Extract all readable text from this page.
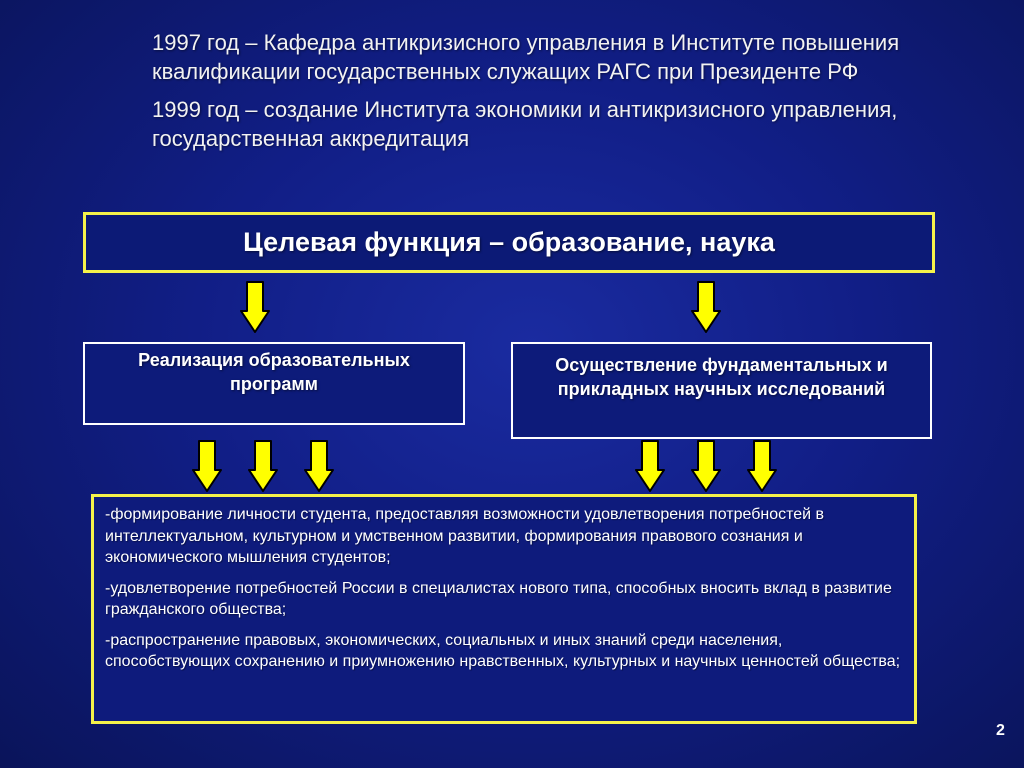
1997 год – Кафедра антикризисного управления в Институте повышения квалификации государственных служащих РАГС при Президенте РФ

1999 год – создание Института экономики и антикризисного управления, государственная аккредитация

Целевая функция – образование, наука
Реализация образовательных программ
Осуществление фундаментальных и прикладных научных исследований

-формирование личности студента, предоставляя возможности удовлетворения потребностей в интеллектуальном, культурном и умственном развитии, формирования правового сознания и экономического мышления студентов;

-удовлетворение потребностей России в специалистах нового типа, способных вносить вклад в развитие гражданского общества;

-распространение правовых, экономических, социальных и иных знаний среди населения, способствующих сохранению и приумножению нравственных, культурных и научных ценностей общества;

2
